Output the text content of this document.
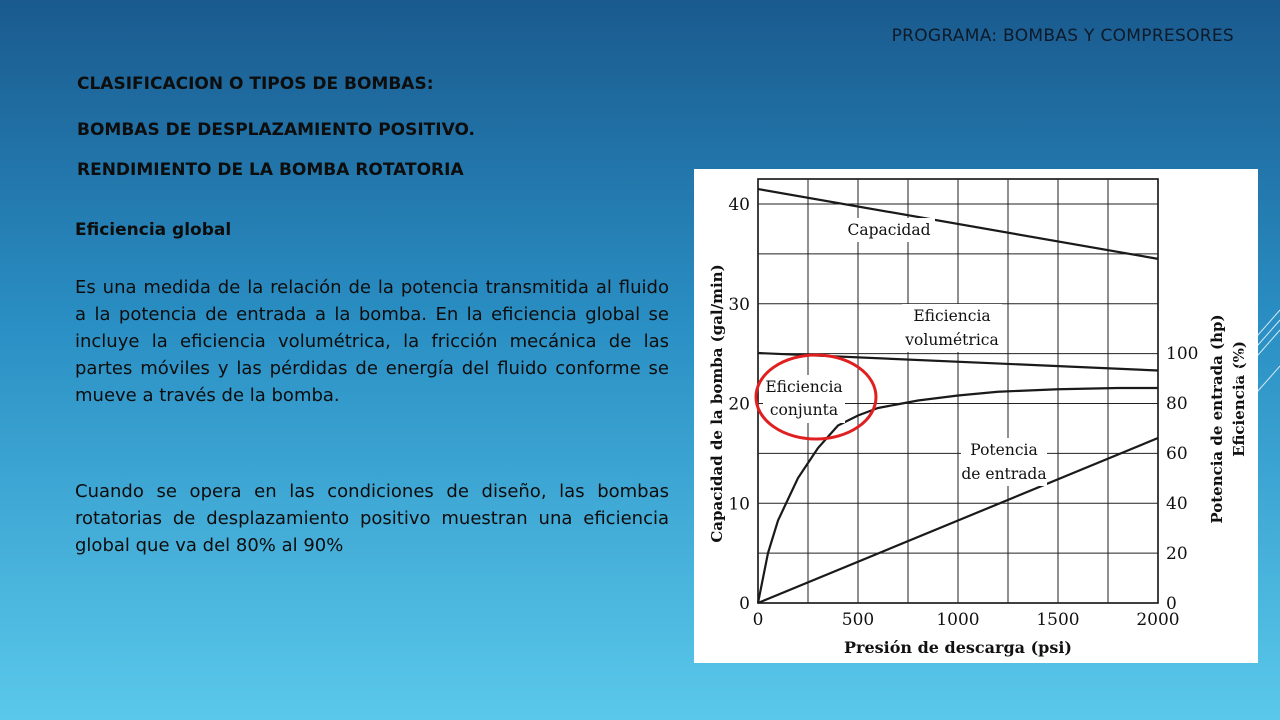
PROGRAMA: BOMBAS Y COMPRESORES
CLASIFICACION O TIPOS DE BOMBAS:
BOMBAS DE DESPLAZAMIENTO POSITIVO.
RENDIMIENTO DE LA BOMBA ROTATORIA
Eficiencia global
Es una medida de la relación de la potencia transmitida al fluido a la potencia de entrada a la bomba. En la eficiencia global se incluye la eficiencia volumétrica, la fricción mecánica de las partes móviles y las pérdidas de energía del fluido conforme se mueve a través de la bomba.
Cuando se opera en las condiciones de diseño, las bombas rotatorias de desplazamiento positivo muestran una eficiencia global que va del 80% al 90%
0	500	1000	1500	2000
0
10
20
30
40
0
20
40
60
80
100
Capacidad
Eficiencia
volumétrica
Eficiencia
conjunta
Potencia
de entrada
Presión de descarga (psi)
Capacidad de la bomba (gal/min)	Potencia de entrada (hp) Eficiencia (%)
